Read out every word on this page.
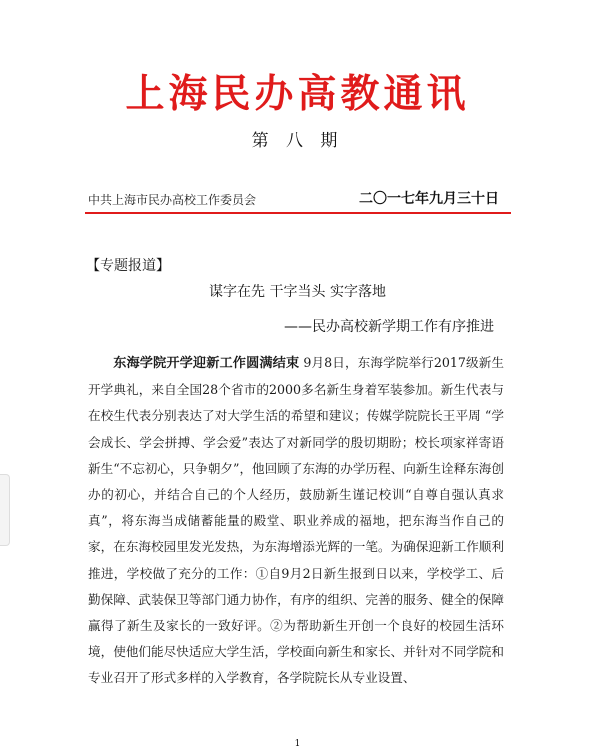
上海民办高教通讯
第 八 期
中共上海市民办高校工作委员会	二〇一七年九月三十日
【专题报道】
谋字在先 干字当头 实字落地
——民办高校新学期工作有序推进
东海学院开学迎新工作圆满结束 9月8日，东海学院举行2017级新生开学典礼，来自全国28个省市的2000多名新生身着军装参加。新生代表与在校生代表分别表达了对大学生活的希望和建议；传媒学院院长王平周 “学会成长、学会拼搏、学会爱”表达了对新同学的殷切期盼；校长项家祥寄语新生“不忘初心，只争朝夕”，他回顾了东海的办学历程、向新生诠释东海创办的初心，并结合自己的个人经历，鼓励新生谨记校训“自尊自强认真求真”，将东海当成储蓄能量的殿堂、职业养成的福地，把东海当作自己的家，在东海校园里发光发热，为东海增添光辉的一笔。为确保迎新工作顺利推进，学校做了充分的工作：①自9月2日新生报到日以来，学校学工、后勤保障、武装保卫等部门通力协作，有序的组织、完善的服务、健全的保障赢得了新生及家长的一致好评。②为帮助新生开创一个良好的校园生活环境，使他们能尽快适应大学生活，学校面向新生和家长、并针对不同学院和专业召开了形式多样的入学教育，各学院院长从专业设置、
1
